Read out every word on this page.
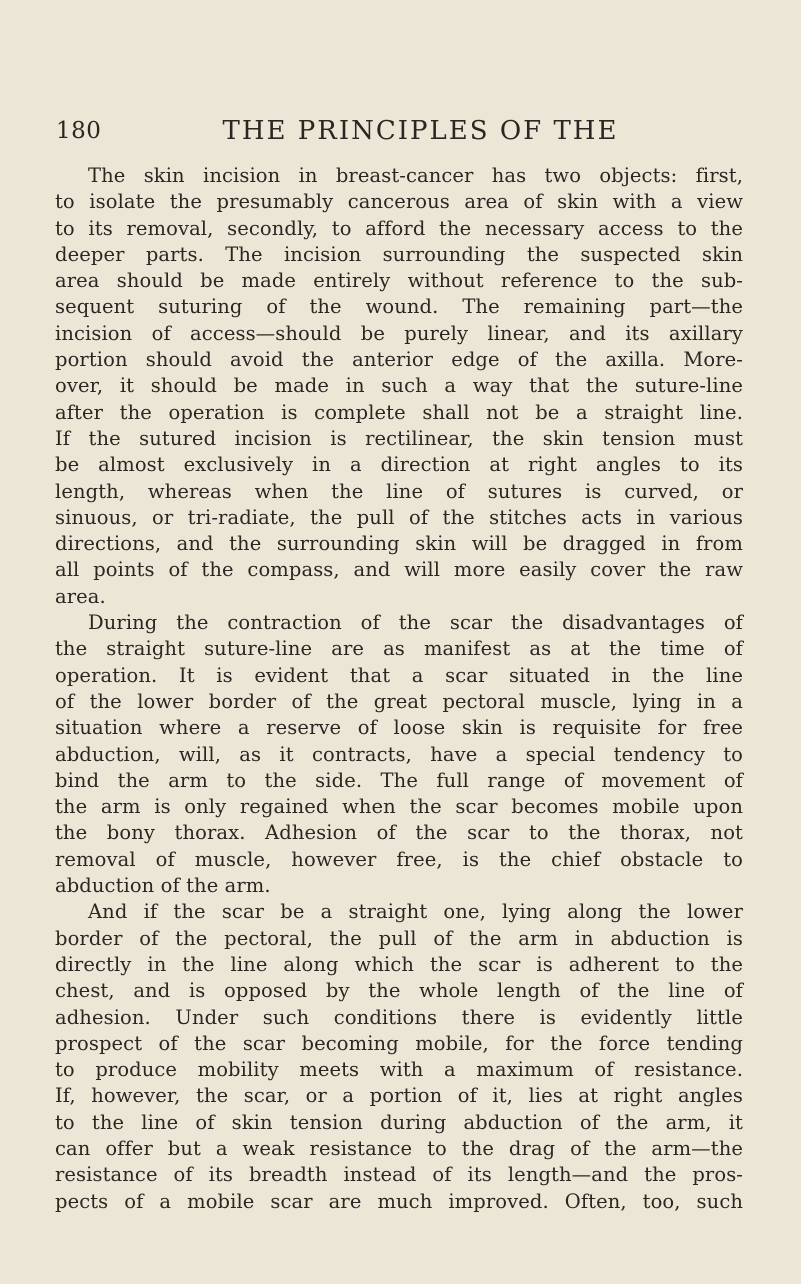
180	THE PRINCIPLES OF THE

The skin incision in breast-cancer has two objects: first,
to isolate the presumably cancerous area of skin with a view
to its removal, secondly, to afford the necessary access to the
deeper parts. The incision surrounding the suspected skin
area should be made entirely without reference to the sub-
sequent suturing of the wound. The remaining part—the
incision of access—should be purely linear, and its axillary
portion should avoid the anterior edge of the axilla. More-
over, it should be made in such a way that the suture-line
after the operation is complete shall not be a straight line.
If the sutured incision is rectilinear, the skin tension must
be almost exclusively in a direction at right angles to its
length, whereas when the line of sutures is curved, or
sinuous, or tri-radiate, the pull of the stitches acts in various
directions, and the surrounding skin will be dragged in from
all points of the compass, and will more easily cover the raw
area.

During the contraction of the scar the disadvantages of
the straight suture-line are as manifest as at the time of
operation. It is evident that a scar situated in the line
of the lower border of the great pectoral muscle, lying in a
situation where a reserve of loose skin is requisite for free
abduction, will, as it contracts, have a special tendency to
bind the arm to the side. The full range of movement of
the arm is only regained when the scar becomes mobile upon
the bony thorax. Adhesion of the scar to the thorax, not
removal of muscle, however free, is the chief obstacle to
abduction of the arm.

And if the scar be a straight one, lying along the lower
border of the pectoral, the pull of the arm in abduction is
directly in the line along which the scar is adherent to the
chest, and is opposed by the whole length of the line of
adhesion. Under such conditions there is evidently little
prospect of the scar becoming mobile, for the force tending
to produce mobility meets with a maximum of resistance.
If, however, the scar, or a portion of it, lies at right angles
to the line of skin tension during abduction of the arm, it
can offer but a weak resistance to the drag of the arm—the
resistance of its breadth instead of its length—and the pros-
pects of a mobile scar are much improved. Often, too, such
